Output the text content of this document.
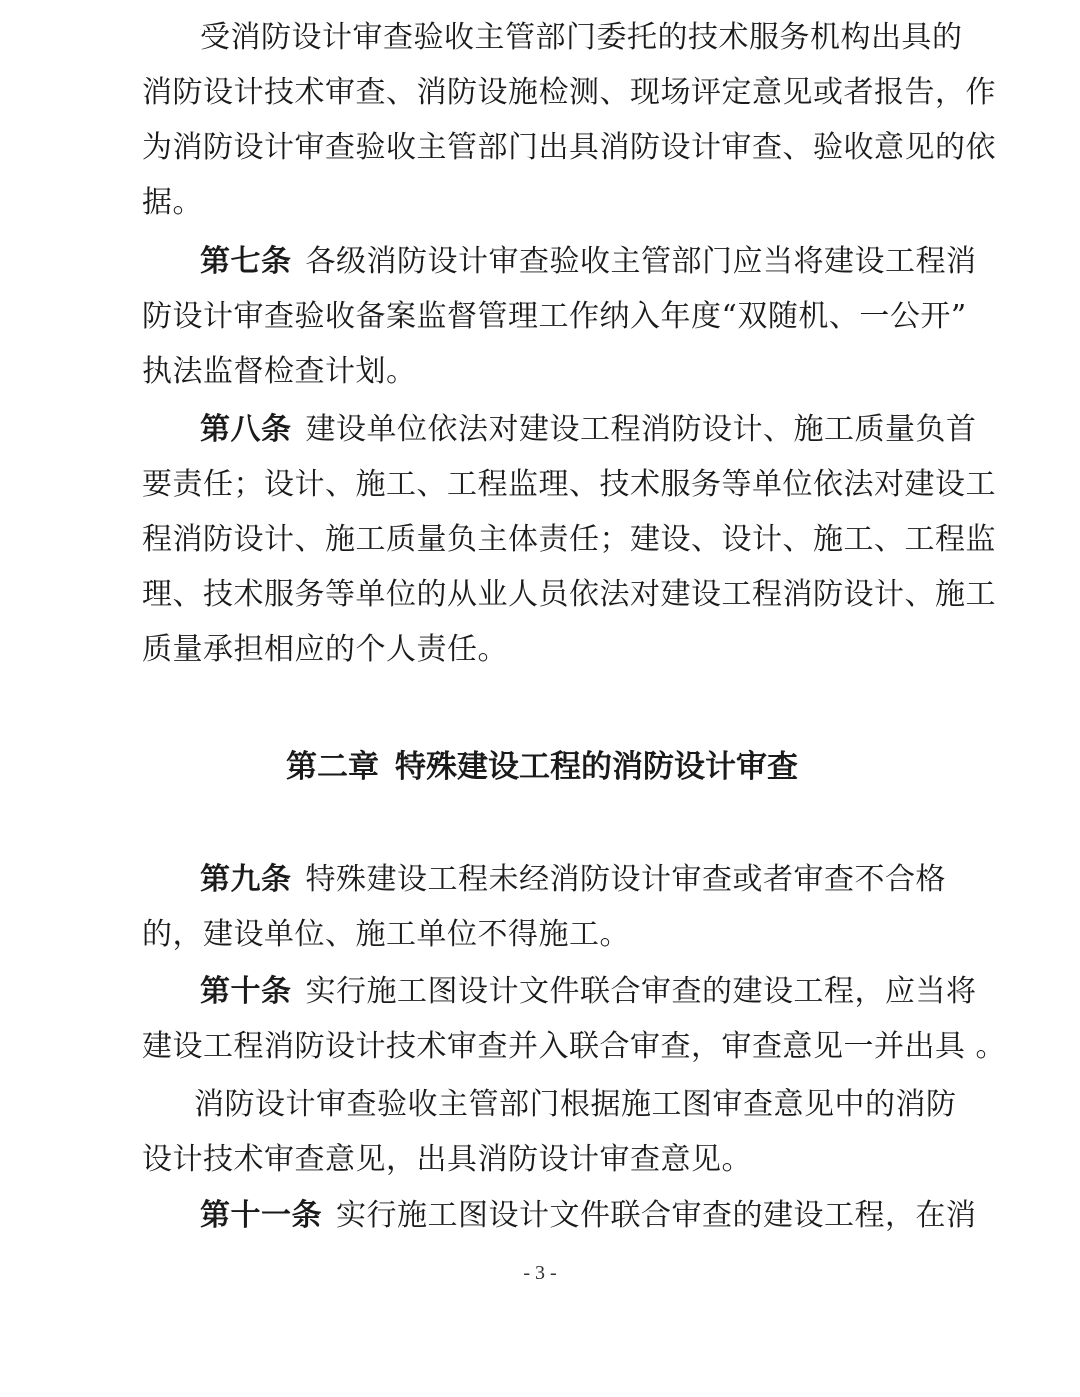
受消防设计审查验收主管部门委托的技术服务机构出具的
消防设计技术审查、消防设施检测、现场评定意见或者报告，作
为消防设计审查验收主管部门出具消防设计审查、验收意见的依
据。
第七条 各级消防设计审查验收主管部门应当将建设工程消
防设计审查验收备案监督管理工作纳入年度“双随机、一公开”
执法监督检查计划。
第八条 建设单位依法对建设工程消防设计、施工质量负首
要责任；设计、施工、工程监理、技术服务等单位依法对建设工
程消防设计、施工质量负主体责任；建设、设计、施工、工程监
理、技术服务等单位的从业人员依法对建设工程消防设计、施工
质量承担相应的个人责任。
第二章 特殊建设工程的消防设计审查
第九条 特殊建设工程未经消防设计审查或者审查不合格
的，建设单位、施工单位不得施工。
第十条 实行施工图设计文件联合审查的建设工程，应当将
建设工程消防设计技术审查并入联合审查，审查意见一并出具 。
消防设计审查验收主管部门根据施工图审查意见中的消防
设计技术审查意见，出具消防设计审查意见。
第十一条 实行施工图设计文件联合审查的建设工程，在消
- 3 -
